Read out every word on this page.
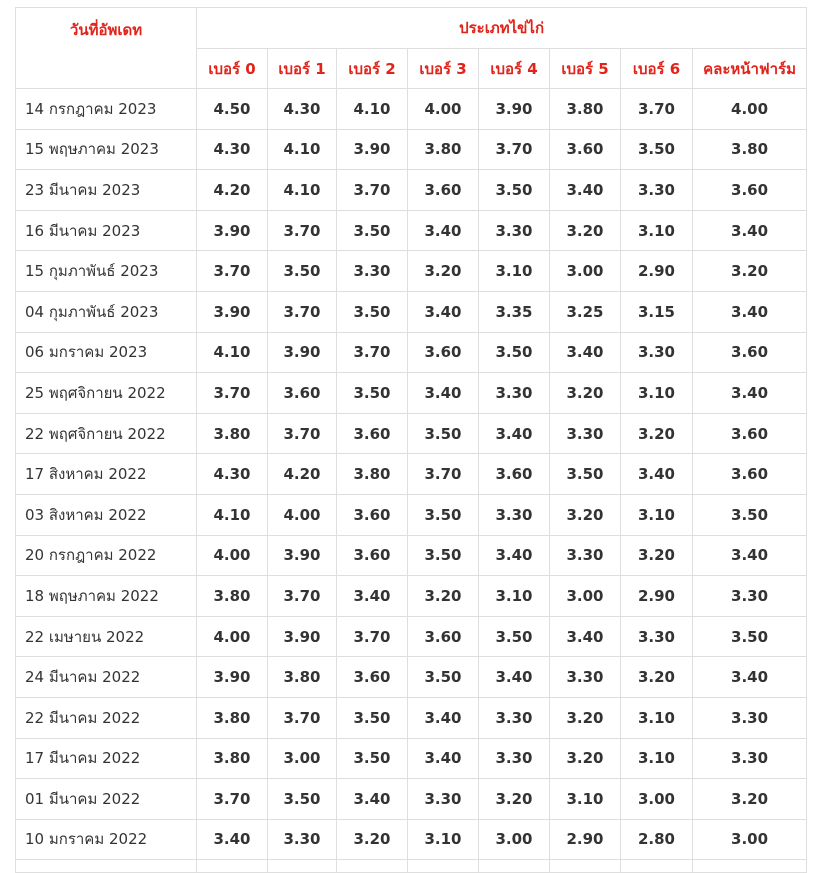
วันที่อัพเดท	ประเภทไข่ไก่							
	เบอร์ 0	เบอร์ 1	เบอร์ 2	เบอร์ 3	เบอร์ 4	เบอร์ 5	เบอร์ 6	คละหน้าฟาร์ม
14 กรกฎาคม 2023	4.50	4.30	4.10	4.00	3.90	3.80	3.70	4.00
15 พฤษภาคม 2023	4.30	4.10	3.90	3.80	3.70	3.60	3.50	3.80
23 มีนาคม 2023	4.20	4.10	3.70	3.60	3.50	3.40	3.30	3.60
16 มีนาคม 2023	3.90	3.70	3.50	3.40	3.30	3.20	3.10	3.40
15 กุมภาพันธ์ 2023	3.70	3.50	3.30	3.20	3.10	3.00	2.90	3.20
04 กุมภาพันธ์ 2023	3.90	3.70	3.50	3.40	3.35	3.25	3.15	3.40
06 มกราคม 2023	4.10	3.90	3.70	3.60	3.50	3.40	3.30	3.60
25 พฤศจิกายน 2022	3.70	3.60	3.50	3.40	3.30	3.20	3.10	3.40
22 พฤศจิกายน 2022	3.80	3.70	3.60	3.50	3.40	3.30	3.20	3.60
17 สิงหาคม 2022	4.30	4.20	3.80	3.70	3.60	3.50	3.40	3.60
03 สิงหาคม 2022	4.10	4.00	3.60	3.50	3.30	3.20	3.10	3.50
20 กรกฎาคม 2022	4.00	3.90	3.60	3.50	3.40	3.30	3.20	3.40
18 พฤษภาคม 2022	3.80	3.70	3.40	3.20	3.10	3.00	2.90	3.30
22 เมษายน 2022	4.00	3.90	3.70	3.60	3.50	3.40	3.30	3.50
24 มีนาคม 2022	3.90	3.80	3.60	3.50	3.40	3.30	3.20	3.40
22 มีนาคม 2022	3.80	3.70	3.50	3.40	3.30	3.20	3.10	3.30
17 มีนาคม 2022	3.80	3.00	3.50	3.40	3.30	3.20	3.10	3.30
01 มีนาคม 2022	3.70	3.50	3.40	3.30	3.20	3.10	3.00	3.20
10 มกราคม 2022	3.40	3.30	3.20	3.10	3.00	2.90	2.80	3.00
